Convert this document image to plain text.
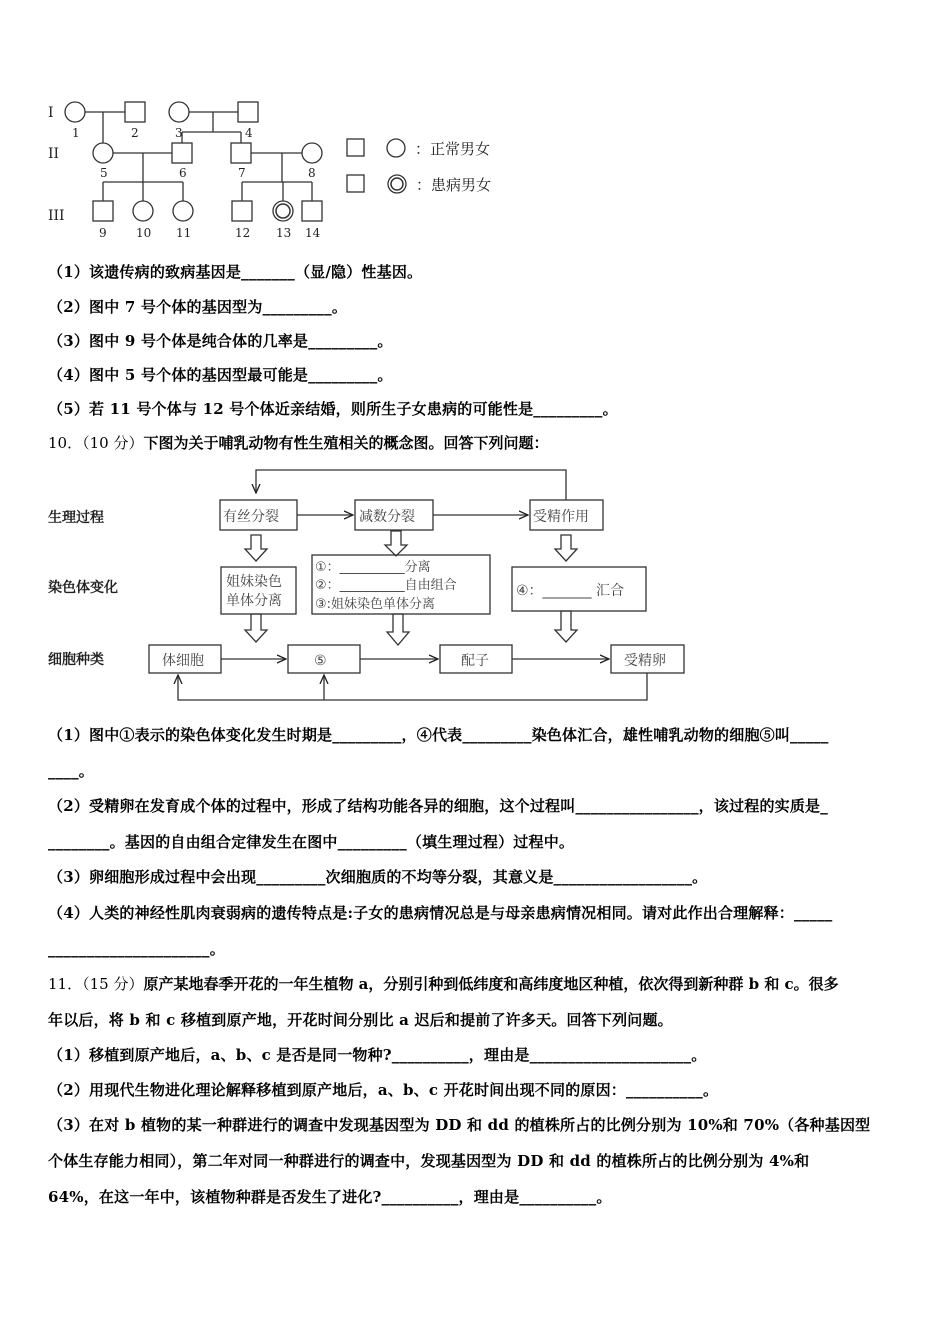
I
II
III
1	2	3	4
5	6	7	8
9 10 11	12 13 14
：正常男女
：患病男女
（1）该遗传病的致病基因是_______（显/隐）性基因。
（2）图中 7 号个体的基因型为_________。
（3）图中 9 号个体是纯合体的几率是_________。
（4）图中 5 号个体的基因型最可能是_________。
（5）若 11 号个体与 12 号个体近亲结婚，则所生子女患病的可能性是_________。
10．（10 分）下图为关于哺乳动物有性生殖相关的概念图。回答下列问题：
生理过程
染色体变化
细胞种类
有丝分裂	减数分裂	受精作用
姐妹染色
单体分离
①：__________分离
②：__________自由组合
③:姐妹染色单体分离
④：_______ 汇合
体细胞	⑤	配子	受精卵
（1）图中①表示的染色体变化发生时期是_________，④代表_________染色体汇合，雄性哺乳动物的细胞⑤叫_____
____。
（2）受精卵在发育成个体的过程中，形成了结构功能各异的细胞，这个过程叫________________，该过程的实质是_
________。基因的自由组合定律发生在图中_________（填生理过程）过程中。
（3）卵细胞形成过程中会出现_________次细胞质的不均等分裂，其意义是__________________。
（4）人类的神经性肌肉衰弱病的遗传特点是:子女的患病情况总是与母亲患病情况相同。请对此作出合理解释：_____
_____________________。
11．（15 分）原产某地春季开花的一年生植物 a，分别引种到低纬度和高纬度地区种植，依次得到新种群 b 和 c。很多
年以后，将 b 和 c 移植到原产地，开花时间分别比 a 迟后和提前了许多天。回答下列问题。
（1）移植到原产地后，a、b、c 是否是同一物种?__________，理由是_____________________。
（2）用现代生物进化理论解释移植到原产地后，a、b、c 开花时间出现不同的原因：__________。
（3）在对 b 植物的某一种群进行的调查中发现基因型为 DD 和 dd 的植株所占的比例分别为 10%和 70%（各种基因型
个体生存能力相同），第二年对同一种群进行的调查中，发现基因型为 DD 和 dd 的植株所占的比例分别为 4%和
64%，在这一年中，该植物种群是否发生了进化?__________，理由是__________。
